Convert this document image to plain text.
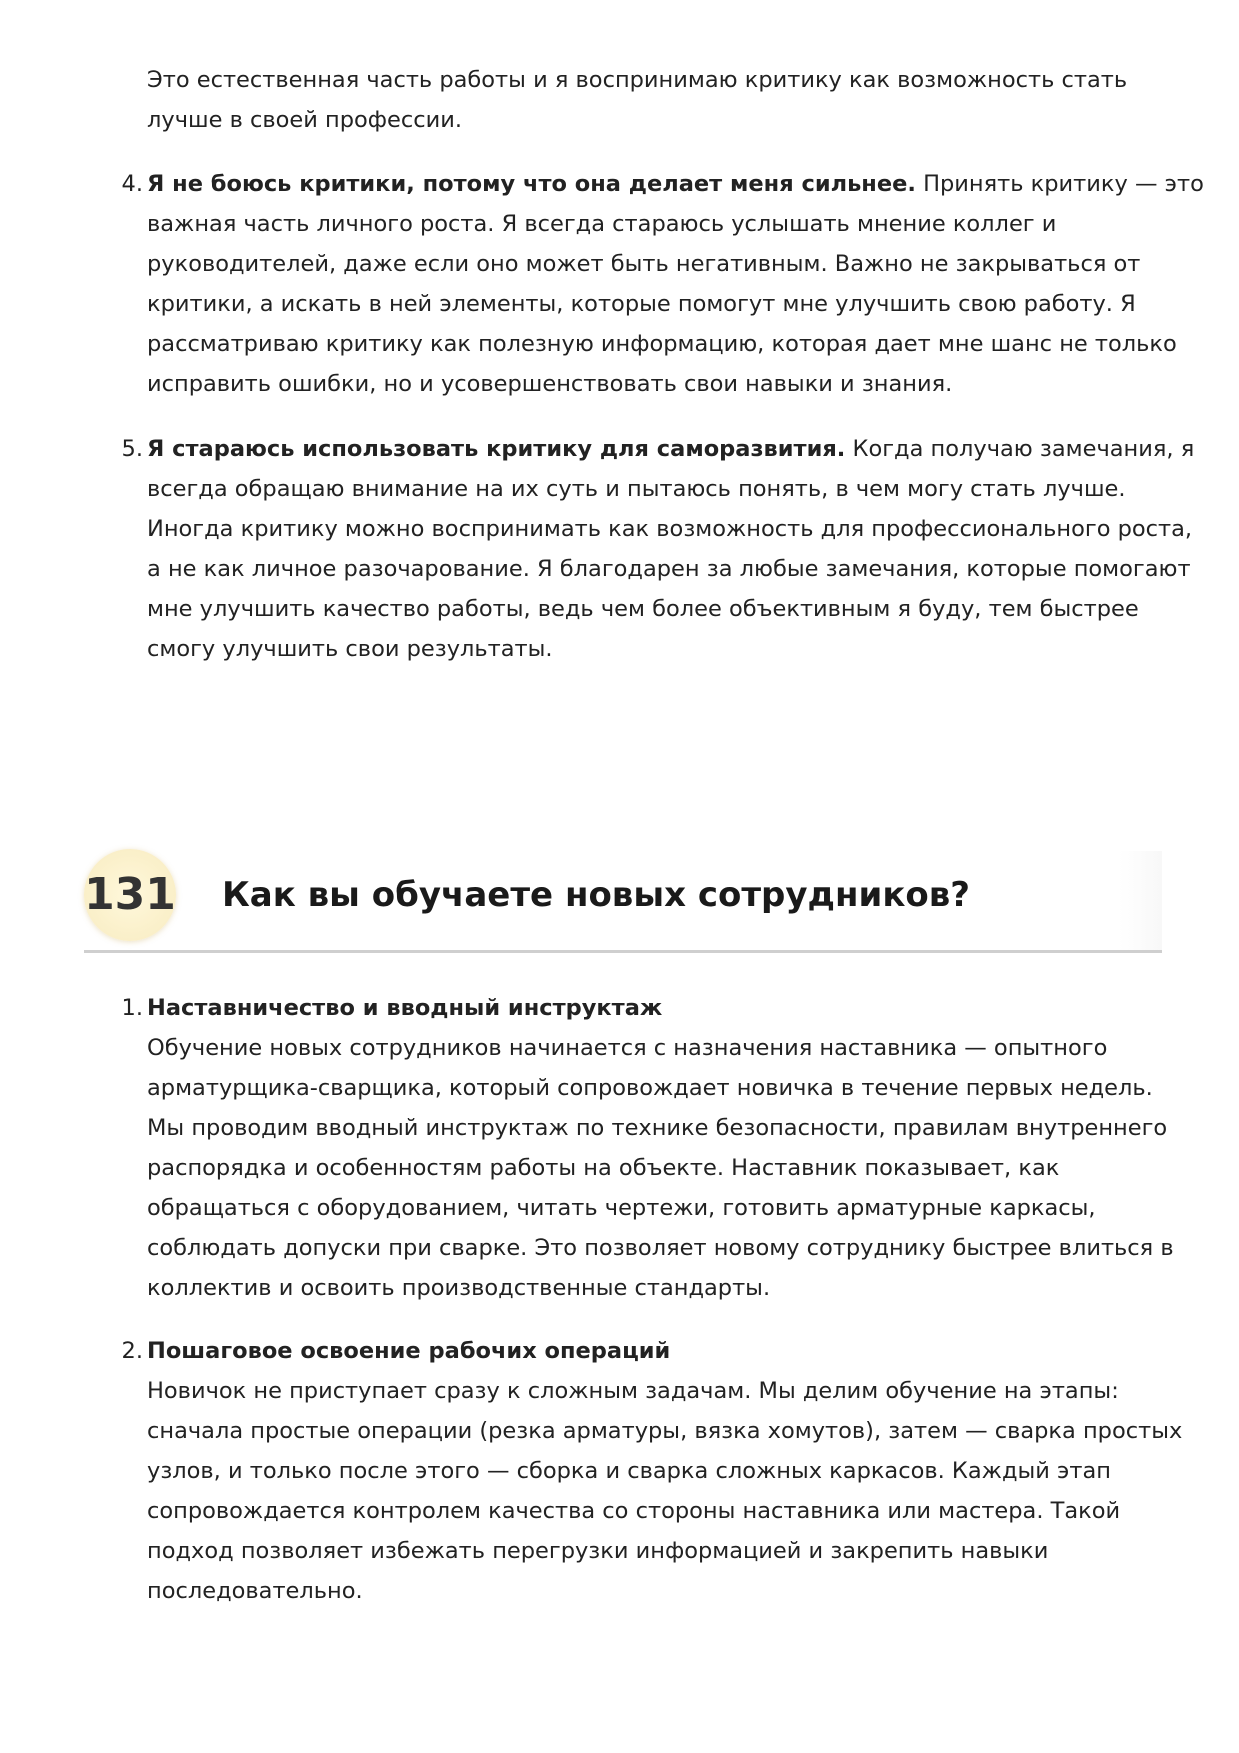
Это естественная часть работы и я воспринимаю критику как возможность стать
лучше в своей профессии.
4. Я не боюсь критики, потому что она делает меня сильнее. Принять критику — это
важная часть личного роста. Я всегда стараюсь услышать мнение коллег и
руководителей, даже если оно может быть негативным. Важно не закрываться от
критики, а искать в ней элементы, которые помогут мне улучшить свою работу. Я
рассматриваю критику как полезную информацию, которая дает мне шанс не только
исправить ошибки, но и усовершенствовать свои навыки и знания.
5. Я стараюсь использовать критику для саморазвития. Когда получаю замечания, я
всегда обращаю внимание на их суть и пытаюсь понять, в чем могу стать лучше.
Иногда критику можно воспринимать как возможность для профессионального роста,
а не как личное разочарование. Я благодарен за любые замечания, которые помогают
мне улучшить качество работы, ведь чем более объективным я буду, тем быстрее
смогу улучшить свои результаты.
131 Как вы обучаете новых сотрудников?
1. Наставничество и вводный инструктаж
Обучение новых сотрудников начинается с назначения наставника — опытного
арматурщика-сварщика, который сопровождает новичка в течение первых недель.
Мы проводим вводный инструктаж по технике безопасности, правилам внутреннего
распорядка и особенностям работы на объекте. Наставник показывает, как
обращаться с оборудованием, читать чертежи, готовить арматурные каркасы,
соблюдать допуски при сварке. Это позволяет новому сотруднику быстрее влиться в
коллектив и освоить производственные стандарты.
2. Пошаговое освоение рабочих операций
Новичок не приступает сразу к сложным задачам. Мы делим обучение на этапы:
сначала простые операции (резка арматуры, вязка хомутов), затем — сварка простых
узлов, и только после этого — сборка и сварка сложных каркасов. Каждый этап
сопровождается контролем качества со стороны наставника или мастера. Такой
подход позволяет избежать перегрузки информацией и закрепить навыки
последовательно.
